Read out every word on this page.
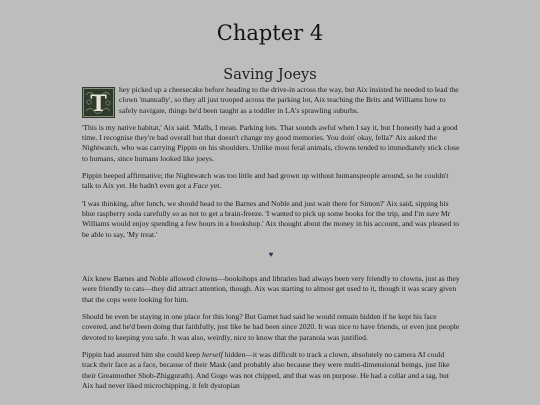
Chapter 4
Saving Joeys

T
hey picked up a cheesecake before heading to the drive-in across the way, but Aix insisted he needed to lead the clown 'manually', so they all just trooped across the parking lot, Aix teaching the Brits and Williams how to safely navigate, things he'd been taught as a toddler in LA's sprawling suburbs.

'This is my native habitat,' Aix said. 'Malls, I mean. Parking lots. That sounds awful when I say it, but I honestly had a good time. I recognise they're bad overall but that doesn't change my good memories. You doin' okay, fella?' Aix asked the Nightwatch, who was carrying Pippin on his shoulders. Unlike most feral animals, clowns tended to immediately stick close to humans, since humans looked like joeys.

Pippin beeped affirmative; the Nightwatch was too little and had grown up without humanspeople around, so he couldn't talk to Aix yet. He hadn't even got a Face yet.

'I was thinking, after lunch, we should head to the Barnes and Noble and just wait there for Simon?' Aix said, sipping his blue raspberry soda carefully so as not to get a brain-freeze. 'I wanted to pick up some books for the trip, and I'm sure Mr Williams would enjoy spending a few hours in a bookshop.' Aix thought about the money in his account, and was pleased to be able to say, 'My treat.'

♥

Aix knew Barnes and Noble allowed clowns—bookshops and libraries had always been very friendly to clowns, just as they were friendly to cats—they did attract attention, though. Aix was starting to almost get used to it, though it was scary given that the cops were looking for him.

Should he even be staying in one place for this long? But Garnet had said he would remain hidden if he kept his face covered, and he'd been doing that faithfully, just like he had been since 2020. It was nice to have friends, or even just people devoted to keeping you safe. It was also, weirdly, nice to know that the paranoia was justified.

Pippin had assured him she could keep herself hidden—it was difficult to track a clown, absolutely no camera AI could track their face as a face, because of their Mask (and probably also because they were multi-dimensional beings, just like their Greatmother Shob-Zhiggurath). And Gogo was not chipped, and that was on purpose. He had a collar and a tag, but Aix had never liked microchipping, it felt dystopian
